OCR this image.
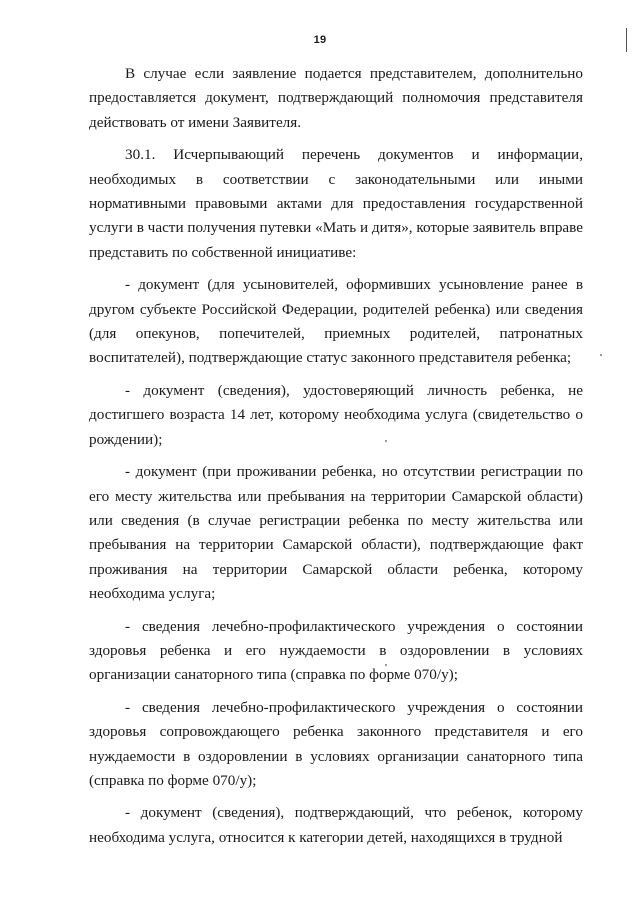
19

В случае если заявление подается представителем, дополнительно предоставляется документ, подтверждающий полномочия представителя действовать от имени Заявителя.

30.1. Исчерпывающий перечень документов и информации, необходимых в соответствии с законодательными или иными нормативными правовыми актами для предоставления государственной услуги в части получения путевки «Мать и дитя», которые заявитель вправе представить по собственной инициативе:

- документ (для усыновителей, оформивших усыновление ранее в другом субъекте Российской Федерации, родителей ребенка) или сведения (для опекунов, попечителей, приемных родителей, патронатных воспитателей), подтверждающие статус законного представителя ребенка;

- документ (сведения), удостоверяющий личность ребенка, не достигшего возраста 14 лет, которому необходима услуга (свидетельство о рождении);

- документ (при проживании ребенка, но отсутствии регистрации по его месту жительства или пребывания на территории Самарской области) или сведения (в случае регистрации ребенка по месту жительства или пребывания на территории Самарской области), подтверждающие факт проживания на территории Самарской области ребенка, которому необходима услуга;

- сведения лечебно-профилактического учреждения о состоянии здоровья ребенка и его нуждаемости в оздоровлении в условиях организации санаторного типа (справка по форме 070/у);

- сведения лечебно-профилактического учреждения о состоянии здоровья сопровождающего ребенка законного представителя и его нуждаемости в оздоровлении в условиях организации санаторного типа (справка по форме 070/у);

- документ (сведения), подтверждающий, что ребенок, которому необходима услуга, относится к категории детей, находящихся в трудной
